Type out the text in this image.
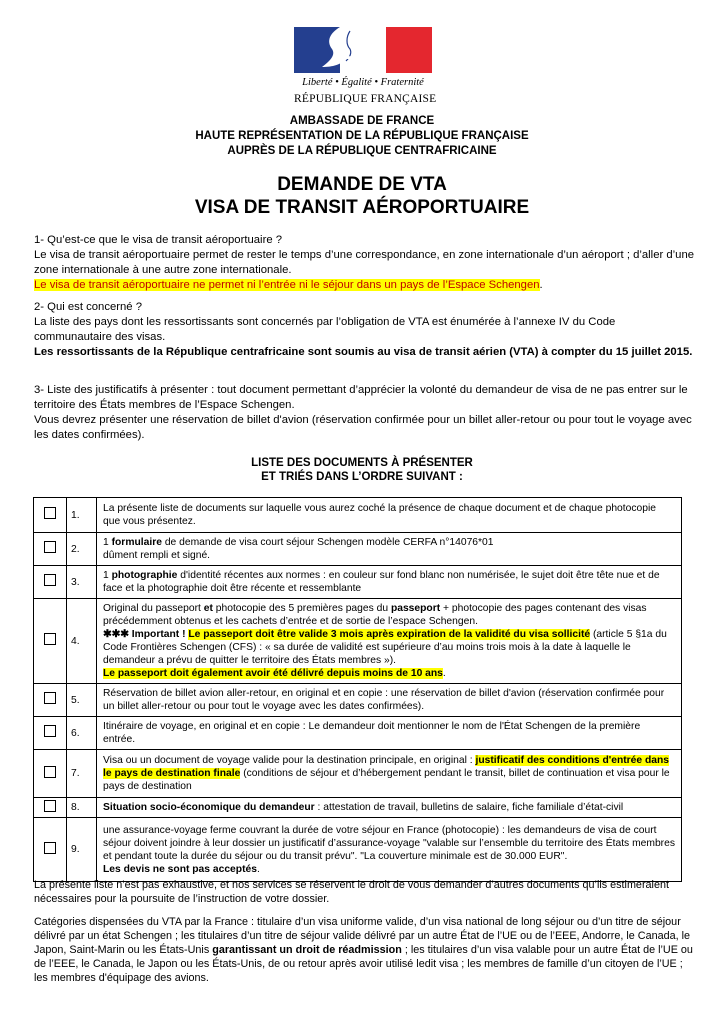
Liberté • Égalité • Fraternité
RÉPUBLIQUE FRANÇAISE
AMBASSADE DE FRANCE
HAUTE REPRÉSENTATION DE LA RÉPUBLIQUE FRANÇAISE
AUPRÈS DE LA RÉPUBLIQUE CENTRAFRICAINE
DEMANDE DE VTA
VISA DE TRANSIT AÉROPORTUAIRE
1- Qu’est-ce que le visa de transit aéroportuaire ?
Le visa de transit aéroportuaire permet de rester le temps d’une correspondance, en zone internationale d’un aéroport ; d’aller d’une zone internationale à une autre zone internationale.
Le visa de transit aéroportuaire ne permet ni l’entrée ni le séjour dans un pays de l’Espace Schengen.
2- Qui est concerné ?
La liste des pays dont les ressortissants sont concernés par l’obligation de VTA est énumérée à l’annexe IV du Code communautaire des visas.
Les ressortissants de la République centrafricaine sont soumis au visa de transit aérien (VTA) à compter du 15 juillet 2015.
3- Liste des justificatifs à présenter : tout document permettant d’apprécier la volonté du demandeur de visa de ne pas entrer sur le territoire des États membres de l’Espace Schengen.
Vous devrez présenter une réservation de billet d'avion (réservation confirmée pour un billet aller-retour ou pour tout le voyage avec les dates confirmées).
LISTE DES DOCUMENTS À PRÉSENTER
ET TRIÉS DANS L’ORDRE SUIVANT :
	1.	La présente liste de documents sur laquelle vous aurez coché la présence de chaque document et de chaque photocopie que vous présentez.
	2.	1 formulaire de demande de visa court séjour Schengen modèle CERFA n°14076*01
dûment rempli et signé.
	3.	1 photographie d'identité récentes aux normes : en couleur sur fond blanc non numérisée, le sujet doit être tête nue et de face et la photographie doit être récente et ressemblante
	4.	Original du passeport et photocopie des 5 premières pages du passeport + photocopie des pages contenant des visas précédemment obtenus et les cachets d’entrée et de sortie de l’espace Schengen.
✱✱✱ Important ! Le passeport doit être valide 3 mois après expiration de la validité du visa sollicité (article 5 §1a du Code Frontières Schengen (CFS) : « sa durée de validité est supérieure d’au moins trois mois à la date à laquelle le demandeur a prévu de quitter le territoire des États membres »).
Le passeport doit également avoir été délivré depuis moins de 10 ans.
	5.	Réservation de billet avion aller-retour, en original et en copie : une réservation de billet d'avion (réservation confirmée pour un billet aller-retour ou pour tout le voyage avec les dates confirmées).
	6.	Itinéraire de voyage, en original et en copie : Le demandeur doit mentionner le nom de l'État Schengen de la première entrée.
	7.	Visa ou un document de voyage valide pour la destination principale, en original : justificatif des conditions d'entrée dans le pays de destination finale (conditions de séjour et d’hébergement pendant le transit, billet de continuation et visa pour le pays de destination
	8.	Situation socio-économique du demandeur : attestation de travail, bulletins de salaire, fiche familiale d’état-civil
	9.	une assurance-voyage ferme couvrant la durée de votre séjour en France (photocopie) : les demandeurs de visa de court séjour doivent joindre à leur dossier un justificatif d’assurance-voyage "valable sur l’ensemble du territoire des États membres et pendant toute la durée du séjour ou du transit prévu". "La couverture minimale est de 30.000 EUR".
Les devis ne sont pas acceptés.
La présente liste n’est pas exhaustive, et nos services se réservent le droit de vous demander d’autres documents qu’ils estimeraient nécessaires pour la poursuite de l’instruction de votre dossier.
Catégories dispensées du VTA par la France : titulaire d’un visa uniforme valide, d’un visa national de long séjour ou d’un titre de séjour délivré par un état Schengen ; les titulaires d’un titre de séjour valide délivré par un autre État de l’UE ou de l’EEE, Andorre, le Canada, le Japon, Saint-Marin ou les États-Unis garantissant un droit de réadmission ; les titulaires d’un visa valable pour un autre État de l’UE ou de l’EEE, le Canada, le Japon ou les États-Unis, de ou retour après avoir utilisé ledit visa ; les membres de famille d’un citoyen de l’UE ; les membres d'équipage des avions.
